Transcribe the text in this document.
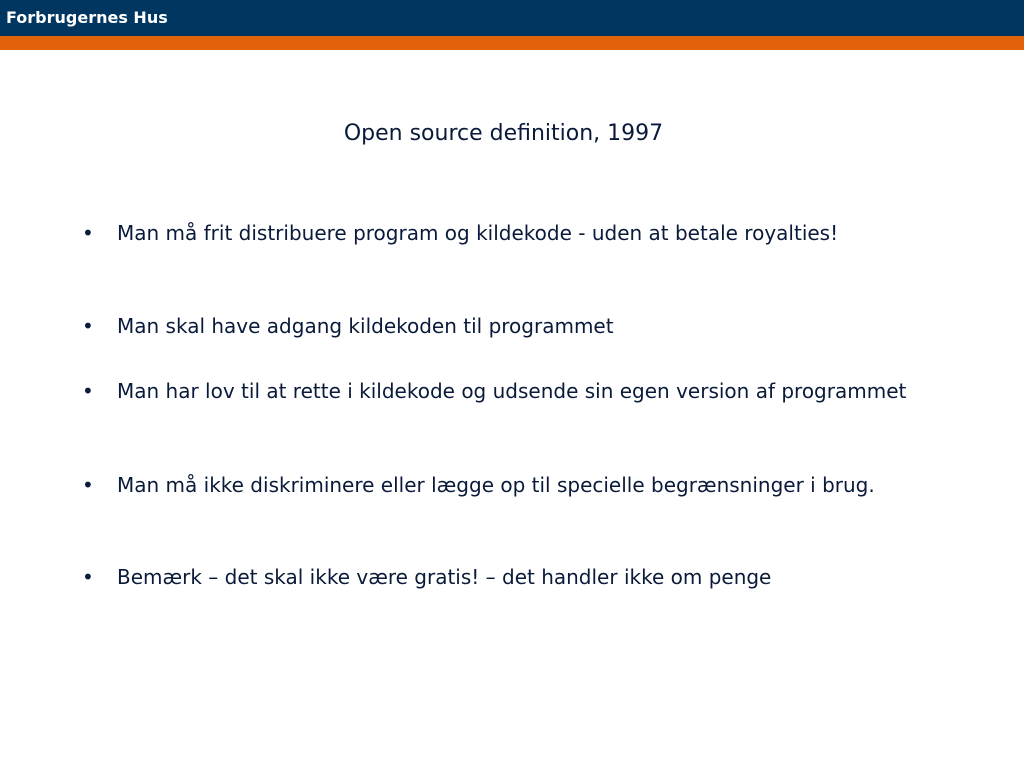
Forbrugernes Hus
Open source definition, 1997
•	Man må frit distribuere program og kildekode - uden at betale royalties!
•	Man skal have adgang kildekoden til programmet
•	Man har lov til at rette i kildekode og udsende sin egen version af programmet
•	Man må ikke diskriminere eller lægge op til specielle begrænsninger i brug.
•	Bemærk – det skal ikke være gratis! – det handler ikke om penge
